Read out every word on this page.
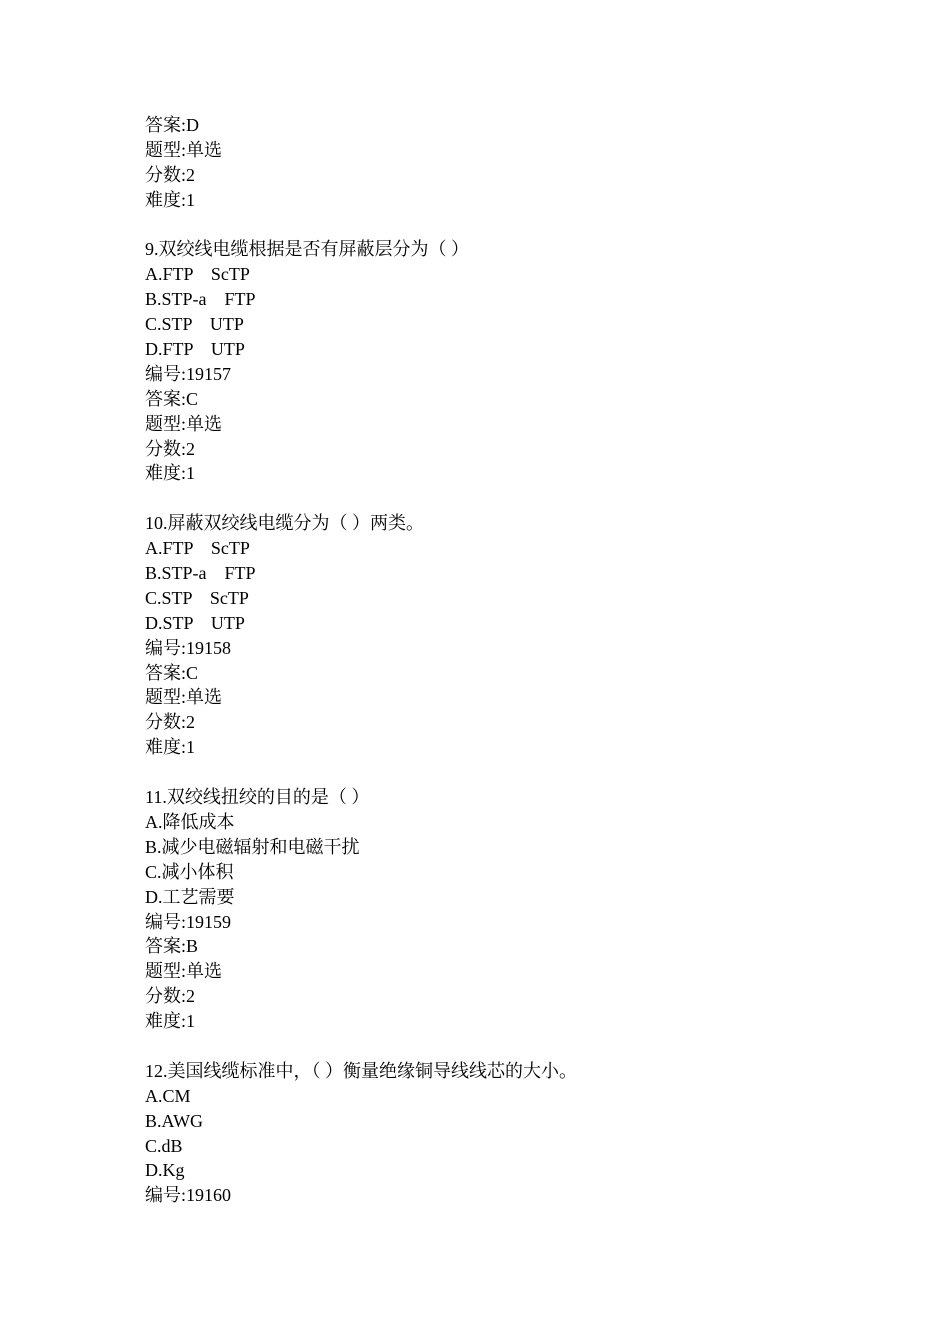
答案:D
题型:单选
分数:2
难度:1
9.双绞线电缆根据是否有屏蔽层分为（ ）
A.FTP    ScTP
B.STP-a    FTP
C.STP    UTP
D.FTP    UTP
编号:19157
答案:C
题型:单选
分数:2
难度:1
10.屏蔽双绞线电缆分为（ ）两类。
A.FTP    ScTP
B.STP-a    FTP
C.STP    ScTP
D.STP    UTP
编号:19158
答案:C
题型:单选
分数:2
难度:1
11.双绞线扭绞的目的是（ ）
A.降低成本
B.减少电磁辐射和电磁干扰
C.减小体积
D.工艺需要
编号:19159
答案:B
题型:单选
分数:2
难度:1
12.美国线缆标准中，（ ）衡量绝缘铜导线线芯的大小。
A.CM
B.AWG
C.dB
D.Kg
编号:19160
